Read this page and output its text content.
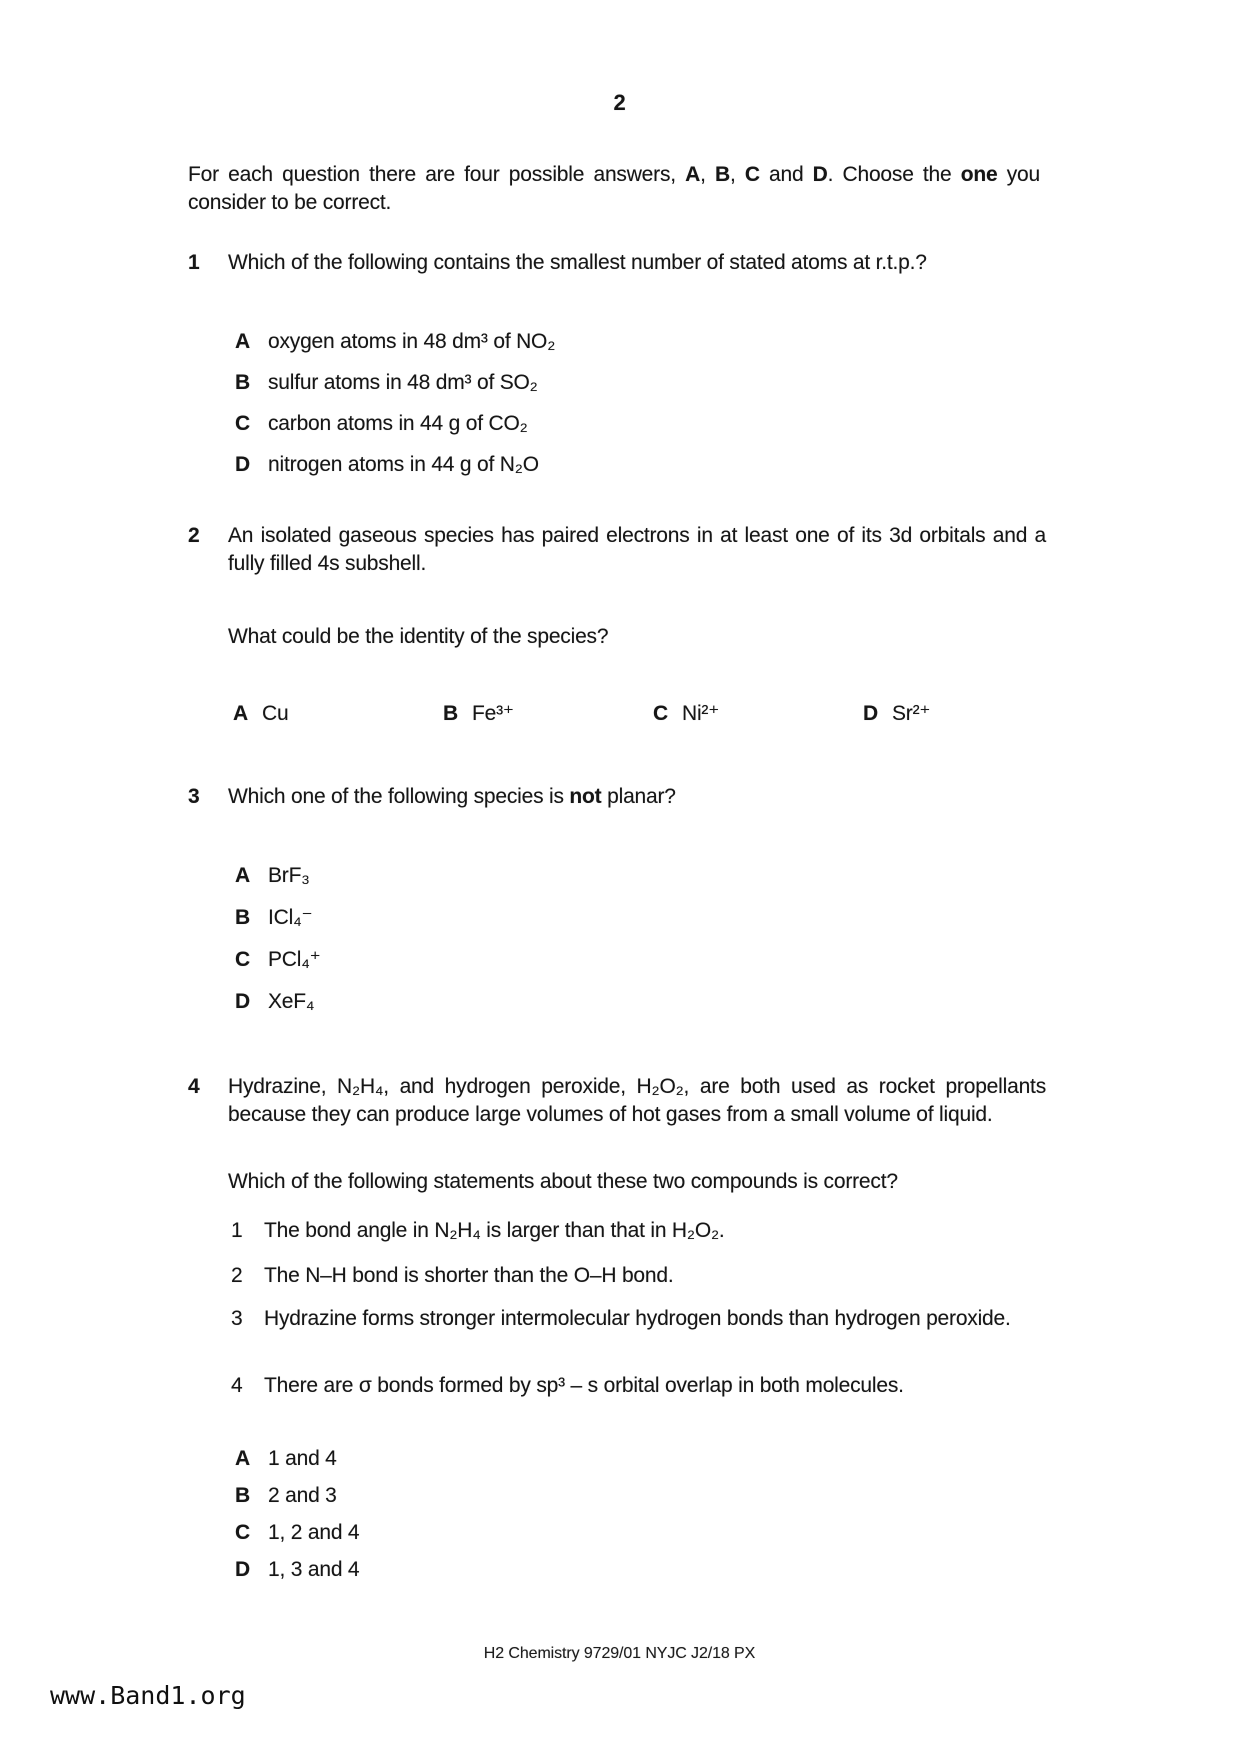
2

For each question there are four possible answers, A, B, C and D. Choose the one you consider to be correct.

1	Which of the following contains the smallest number of stated atoms at r.t.p.?
A oxygen atoms in 48 dm³ of NO₂
B sulfur atoms in 48 dm³ of SO₂
C carbon atoms in 44 g of CO₂
D nitrogen atoms in 44 g of N₂O
2	An isolated gaseous species has paired electrons in at least one of its 3d orbitals and a fully filled 4s subshell.
What could be the identity of the species?
A Cu	B Fe³⁺	C Ni²⁺	D Sr²⁺
3	Which one of the following species is not planar?
A BrF₃
B ICl₄⁻
C PCl₄⁺
D XeF₄
4	Hydrazine, N₂H₄, and hydrogen peroxide, H₂O₂, are both used as rocket propellants because they can produce large volumes of hot gases from a small volume of liquid.
Which of the following statements about these two compounds is correct?
1	The bond angle in N₂H₄ is larger than that in H₂O₂.
2	The N–H bond is shorter than the O–H bond.
3	Hydrazine forms stronger intermolecular hydrogen bonds than hydrogen peroxide.
4	There are σ bonds formed by sp³ – s orbital overlap in both molecules.
A 1 and 4
B 2 and 3
C 1, 2 and 4
D 1, 3 and 4
H2 Chemistry 9729/01 NYJC J2/18 PX
www.Band1.org
